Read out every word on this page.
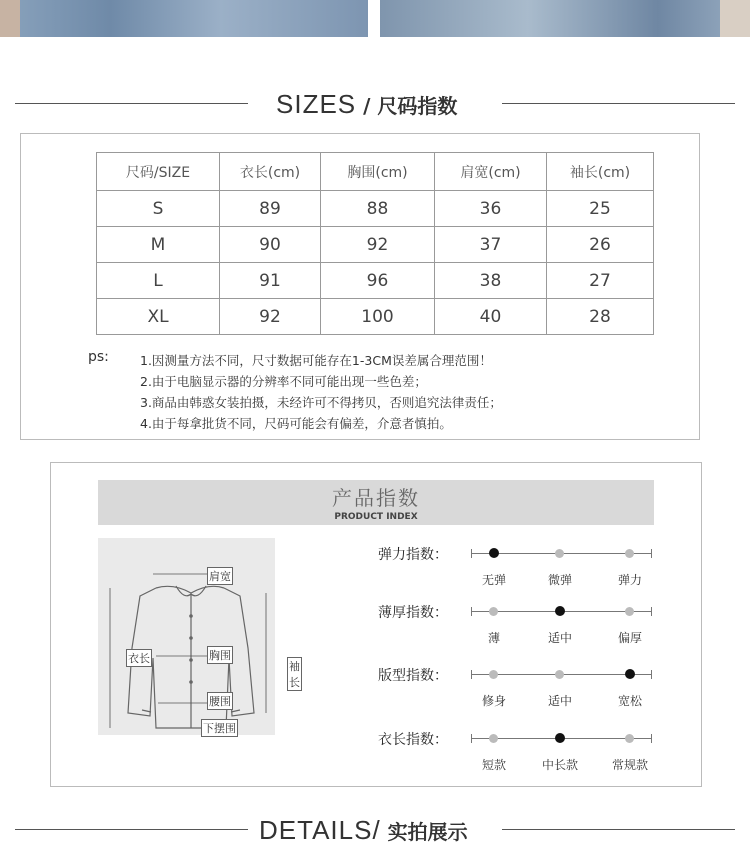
SIZES / 尺码指数
尺码/SIZE	衣长(cm)	胸围(cm)	肩宽(cm)	袖长(cm)
S	89	88	36	25
M	90	92	37	26
L	91	96	38	27
XL	92	100	40	28
ps: 1.因测量方法不同，尺寸数据可能存在1-3CM误差属合理范围！
2.由于电脑显示器的分辨率不同可能出现一些色差；
3.商品由韩惑女装拍摄，未经许可不得拷贝，否则追究法律责任；
4.由于每拿批货不同，尺码可能会有偏差，介意者慎拍。
产品指数
PRODUCT INDEX
肩宽
衣长	胸围
袖长
腰围
下摆围
弹力指数：
无弹	微弹	弹力
薄厚指数：
薄	适中	偏厚
版型指数：
修身	适中	宽松
衣长指数：
短款	中长款	常规款
DETAILS/ 实拍展示
